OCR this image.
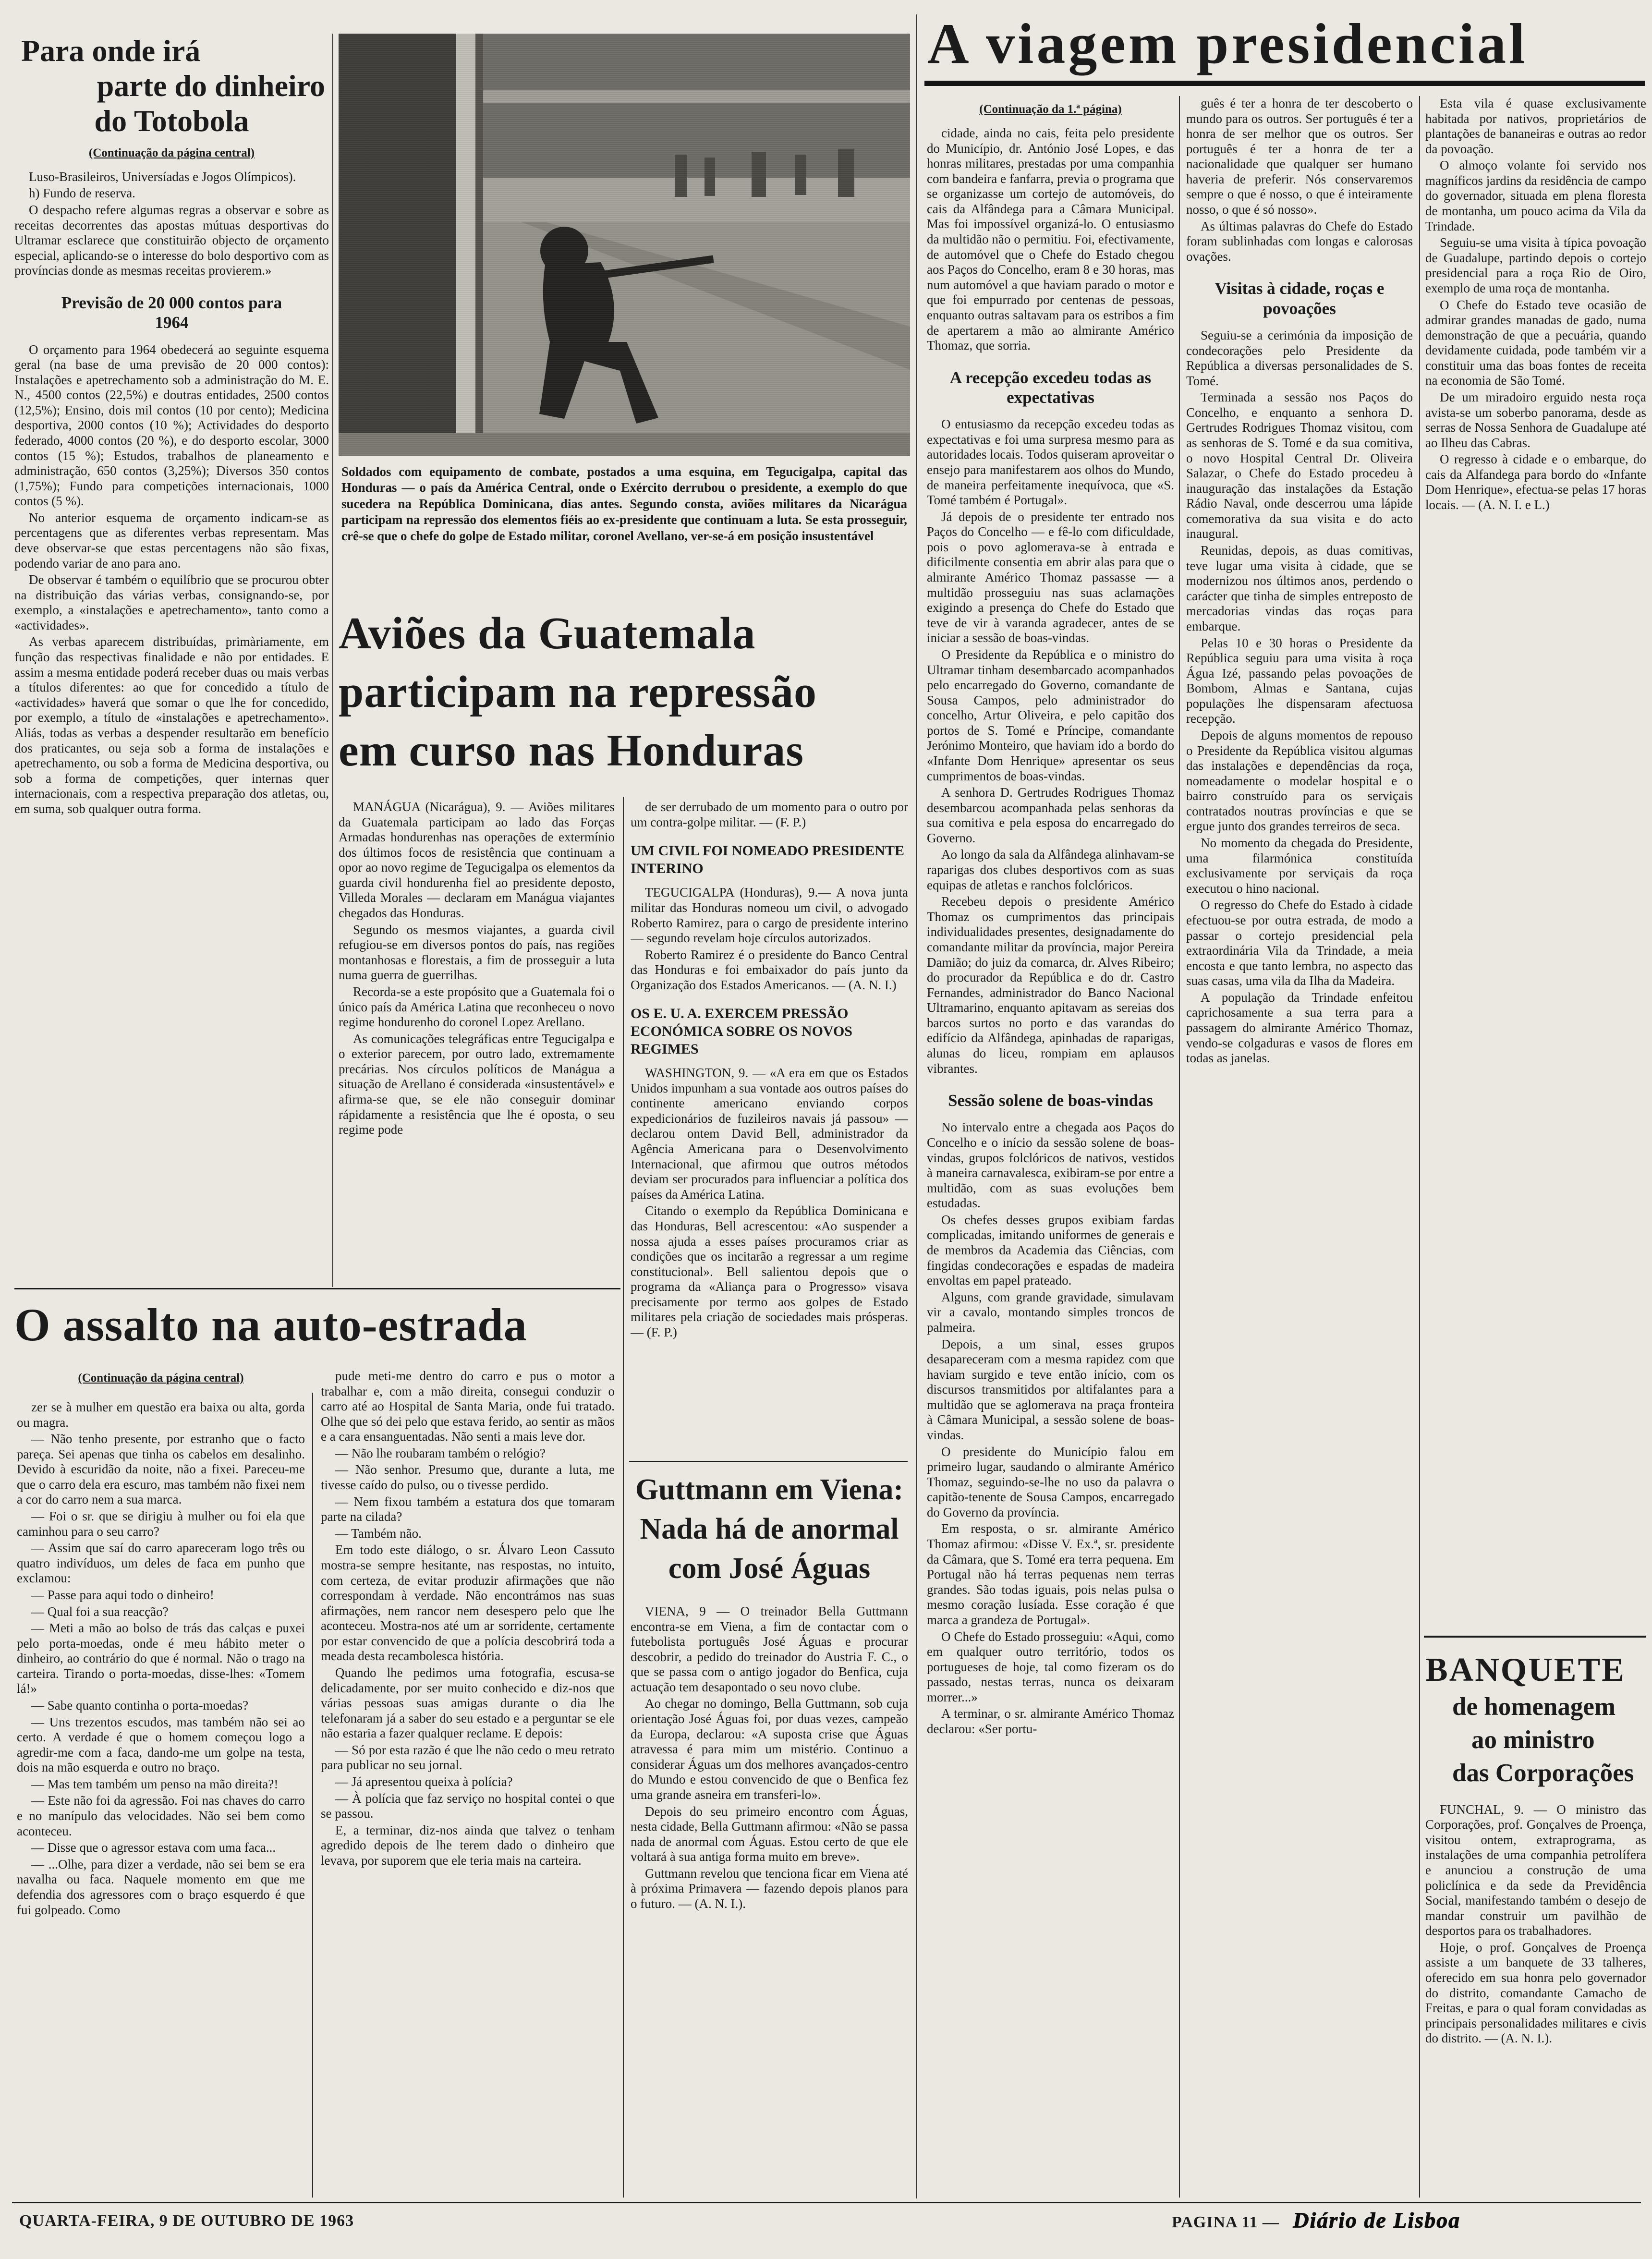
Para onde irá
parte do dinheiro
do Totobola
(Continuação da página central)

Luso-Brasileiros, Universíadas e Jogos Olímpicos).

h) Fundo de reserva.

O despacho refere algumas regras a observar e sobre as receitas decorrentes das apostas mútuas desportivas do Ultramar esclarece que constituirão objecto de orçamento especial, aplicando-se o interesse do bolo desportivo com as províncias donde as mesmas receitas provierem.»

Previsão de 20 000 contos para 1964

O orçamento para 1964 obedecerá ao seguinte esquema geral (na base de uma previsão de 20 000 contos): Instalações e apetrechamento sob a administração do M. E. N., 4500 contos (22,5%) e doutras entidades, 2500 contos (12,5%); Ensino, dois mil contos (10 por cento); Medicina desportiva, 2000 contos (10 %); Actividades do desporto federado, 4000 contos (20 %), e do desporto escolar, 3000 contos (15 %); Estudos, trabalhos de planeamento e administração, 650 contos (3,25%); Diversos 350 contos (1,75%); Fundo para competições internacionais, 1000 contos (5 %).

No anterior esquema de orçamento indicam-se as percentagens que as diferentes verbas representam. Mas deve observar-se que estas percentagens não são fixas, podendo variar de ano para ano.

De observar é também o equilíbrio que se procurou obter na distribuição das várias verbas, consignando-se, por exemplo, a «instalações e apetrechamento», tanto como a «actividades».

As verbas aparecem distribuídas, primàriamente, em função das respectivas finalidade e não por entidades. E assim a mesma entidade poderá receber duas ou mais verbas a títulos diferentes: ao que for concedido a título de «actividades» haverá que somar o que lhe for concedido, por exemplo, a título de «instalações e apetrechamento». Aliás, todas as verbas a despender resultarão em benefício dos praticantes, ou seja sob a forma de instalações e apetrechamento, ou sob a forma de Medicina desportiva, ou sob a forma de competições, quer internas quer internacionais, com a respectiva preparação dos atletas, ou, em suma, sob qualquer outra forma.

Soldados com equipamento de combate, postados a uma esquina, em Tegucigalpa, capital das Honduras — o país da América Central, onde o Exército derrubou o presidente, a exemplo do que sucedera na República Dominicana, dias antes. Segundo consta, aviões militares da Nicarágua participam na repressão dos elementos fiéis ao ex-presidente que continuam a luta. Se esta prosseguir, crê-se que o chefe do golpe de Estado militar, coronel Avellano, ver-se-á em posição insustentável

Aviões da Guatemala
participam na repressão
em curso nas Honduras

MANÁGUA (Nicarágua), 9. — Aviões militares da Guatemala participam ao lado das Forças Armadas hondurenhas nas operações de extermínio dos últimos focos de resistência que continuam a opor ao novo regime de Tegucigalpa os elementos da guarda civil hondurenha fiel ao presidente deposto, Villeda Morales — declaram em Manágua viajantes chegados das Honduras.

Segundo os mesmos viajantes, a guarda civil refugiou-se em diversos pontos do país, nas regiões montanhosas e florestais, a fim de prosseguir a luta numa guerra de guerrilhas.

Recorda-se a este propósito que a Guatemala foi o único país da América Latina que reconheceu o novo regime hondurenho do coronel Lopez Arellano.

As comunicações telegráficas entre Tegucigalpa e o exterior parecem, por outro lado, extremamente precárias. Nos círculos políticos de Manágua a situação de Arellano é considerada «insustentável» e afirma-se que, se ele não conseguir dominar rápidamente a resistência que lhe é oposta, o seu regime pode

de ser derrubado de um momento para o outro por um contra-golpe militar. — (F. P.)

UM CIVIL FOI NOMEADO PRESIDENTE INTERINO

TEGUCIGALPA (Honduras), 9.— A nova junta militar das Honduras nomeou um civil, o advogado Roberto Ramirez, para o cargo de presidente interino — segundo revelam hoje círculos autorizados.

Roberto Ramirez é o presidente do Banco Central das Honduras e foi embaixador do país junto da Organização dos Estados Americanos. — (A. N. I.)

OS E. U. A. EXERCEM PRESSÃO ECONÓMICA SOBRE OS NOVOS REGIMES

WASHINGTON, 9. — «A era em que os Estados Unidos impunham a sua vontade aos outros países do continente americano enviando corpos expedicionários de fuzileiros navais já passou» — declarou ontem David Bell, administrador da Agência Americana para o Desenvolvimento Internacional, que afirmou que outros métodos deviam ser procurados para influenciar a política dos países da América Latina.

Citando o exemplo da República Dominicana e das Honduras, Bell acrescentou: «Ao suspender a nossa ajuda a esses países procuramos criar as condições que os incitarão a regressar a um regime constitucional». Bell salientou depois que o programa da «Aliança para o Progresso» visava precisamente por termo aos golpes de Estado militares pela criação de sociedades mais prósperas. — (F. P.)

O assalto na auto-estrada
(Continuação da página central)

zer se à mulher em questão era baixa ou alta, gorda ou magra.

— Não tenho presente, por estranho que o facto pareça. Sei apenas que tinha os cabelos em desalinho. Devido à escuridão da noite, não a fixei. Pareceu-me que o carro dela era escuro, mas também não fixei nem a cor do carro nem a sua marca.

— Foi o sr. que se dirigiu à mulher ou foi ela que caminhou para o seu carro?

— Assim que saí do carro apareceram logo três ou quatro indivíduos, um deles de faca em punho que exclamou:

— Passe para aqui todo o dinheiro!

— Qual foi a sua reacção?

— Meti a mão ao bolso de trás das calças e puxei pelo porta-moedas, onde é meu hábito meter o dinheiro, ao contrário do que é normal. Não o trago na carteira. Tirando o porta-moedas, disse-lhes: «Tomem lá!»

— Sabe quanto continha o porta-moedas?

— Uns trezentos escudos, mas também não sei ao certo. A verdade é que o homem começou logo a agredir-me com a faca, dando-me um golpe na testa, dois na mão esquerda e outro no braço.

— Mas tem também um penso na mão direita?!

— Este não foi da agressão. Foi nas chaves do carro e no manípulo das velocidades. Não sei bem como aconteceu.

— Disse que o agressor estava com uma faca...

— ...Olhe, para dizer a verdade, não sei bem se era navalha ou faca. Naquele momento em que me defendia dos agressores com o braço esquerdo é que fui golpeado. Como

pude meti-me dentro do carro e pus o motor a trabalhar e, com a mão direita, consegui conduzir o carro até ao Hospital de Santa Maria, onde fui tratado. Olhe que só dei pelo que estava ferido, ao sentir as mãos e a cara ensanguentadas. Não senti a mais leve dor.

— Não lhe roubaram também o relógio?

— Não senhor. Presumo que, durante a luta, me tivesse caído do pulso, ou o tivesse perdido.

— Nem fixou também a estatura dos que tomaram parte na cilada?

— Também não.

Em todo este diálogo, o sr. Álvaro Leon Cassuto mostra-se sempre hesitante, nas respostas, no intuito, com certeza, de evitar produzir afirmações que não correspondam à verdade. Não encontrámos nas suas afirmações, nem rancor nem desespero pelo que lhe aconteceu. Mostra-nos até um ar sorridente, certamente por estar convencido de que a polícia descobrirá toda a meada desta recambolesca história.

Quando lhe pedimos uma fotografia, escusa-se delicadamente, por ser muito conhecido e diz-nos que várias pessoas suas amigas durante o dia lhe telefonaram já a saber do seu estado e a perguntar se ele não estaria a fazer qualquer reclame. E depois:

— Só por esta razão é que lhe não cedo o meu retrato para publicar no seu jornal.

— Já apresentou queixa à polícia?

— À polícia que faz serviço no hospital contei o que se passou.

E, a terminar, diz-nos ainda que talvez o tenham agredido depois de lhe terem dado o dinheiro que levava, por suporem que ele teria mais na carteira.

Guttmann em Viena:
Nada há de anormal
com José Águas

VIENA, 9 — O treinador Bella Guttmann encontra-se em Viena, a fim de contactar com o futebolista português José Águas e procurar descobrir, a pedido do treinador do Austria F. C., o que se passa com o antigo jogador do Benfica, cuja actuação tem desapontado o seu novo clube.

Ao chegar no domingo, Bella Guttmann, sob cuja orientação José Águas foi, por duas vezes, campeão da Europa, declarou: «A suposta crise que Águas atravessa é para mim um mistério. Continuo a considerar Águas um dos melhores avançados-centro do Mundo e estou convencido de que o Benfica fez uma grande asneira em transferi-lo».

Depois do seu primeiro encontro com Águas, nesta cidade, Bella Guttmann afirmou: «Não se passa nada de anormal com Águas. Estou certo de que ele voltará à sua antiga forma muito em breve».

Guttmann revelou que tenciona ficar em Viena até à próxima Primavera — fazendo depois planos para o futuro. — (A. N. I.).

A viagem presidencial
(Continuação da 1.ª página)

cidade, ainda no cais, feita pelo presidente do Município, dr. António José Lopes, e das honras militares, prestadas por uma companhia com bandeira e fanfarra, previa o programa que se organizasse um cortejo de automóveis, do cais da Alfândega para a Câmara Municipal. Mas foi impossível organizá-lo. O entusiasmo da multidão não o permitiu. Foi, efectivamente, de automóvel que o Chefe do Estado chegou aos Paços do Concelho, eram 8 e 30 horas, mas num automóvel a que haviam parado o motor e que foi empurrado por centenas de pessoas, enquanto outras saltavam para os estribos a fim de apertarem a mão ao almirante Américo Thomaz, que sorria.

A recepção excedeu todas as expectativas

O entusiasmo da recepção excedeu todas as expectativas e foi uma surpresa mesmo para as autoridades locais. Todos quiseram aproveitar o ensejo para manifestarem aos olhos do Mundo, de maneira perfeitamente inequívoca, que «S. Tomé também é Portugal».

Já depois de o presidente ter entrado nos Paços do Concelho — e fê-lo com dificuldade, pois o povo aglomerava-se à entrada e dificilmente consentia em abrir alas para que o almirante Américo Thomaz passasse — a multidão prosseguiu nas suas aclamações exigindo a presença do Chefe do Estado que teve de vir à varanda agradecer, antes de se iniciar a sessão de boas-vindas.

O Presidente da República e o ministro do Ultramar tinham desembarcado acompanhados pelo encarregado do Governo, comandante de Sousa Campos, pelo administrador do concelho, Artur Oliveira, e pelo capitão dos portos de S. Tomé e Príncipe, comandante Jerónimo Monteiro, que haviam ido a bordo do «Infante Dom Henrique» apresentar os seus cumprimentos de boas-vindas.

A senhora D. Gertrudes Rodrigues Thomaz desembarcou acompanhada pelas senhoras da sua comitiva e pela esposa do encarregado do Governo.

Ao longo da sala da Alfândega alinhavam-se raparigas dos clubes desportivos com as suas equipas de atletas e ranchos folclóricos.

Recebeu depois o presidente Américo Thomaz os cumprimentos das principais individualidades presentes, designadamente do comandante militar da província, major Pereira Damião; do juiz da comarca, dr. Alves Ribeiro; do procurador da República e do dr. Castro Fernandes, administrador do Banco Nacional Ultramarino, enquanto apitavam as sereias dos barcos surtos no porto e das varandas do edifício da Alfândega, apinhadas de raparigas, alunas do liceu, rompiam em aplausos vibrantes.

Sessão solene de boas-vindas

No intervalo entre a chegada aos Paços do Concelho e o início da sessão solene de boas-vindas, grupos folclóricos de nativos, vestidos à maneira carnavalesca, exibiram-se por entre a multidão, com as suas evoluções bem estudadas.

Os chefes desses grupos exibiam fardas complicadas, imitando uniformes de generais e de membros da Academia das Ciências, com fingidas condecorações e espadas de madeira envoltas em papel prateado.

Alguns, com grande gravidade, simulavam vir a cavalo, montando simples troncos de palmeira.

Depois, a um sinal, esses grupos desapareceram com a mesma rapidez com que haviam surgido e teve então início, com os discursos transmitidos por altifalantes para a multidão que se aglomerava na praça fronteira à Câmara Municipal, a sessão solene de boas-vindas.

O presidente do Município falou em primeiro lugar, saudando o almirante Américo Thomaz, seguindo-se-lhe no uso da palavra o capitão-tenente de Sousa Campos, encarregado do Governo da província.

Em resposta, o sr. almirante Américo Thomaz afirmou: «Disse V. Ex.ª, sr. presidente da Câmara, que S. Tomé era terra pequena. Em Portugal não há terras pequenas nem terras grandes. São todas iguais, pois nelas pulsa o mesmo coração lusíada. Esse coração é que marca a grandeza de Portugal».

O Chefe do Estado prosseguiu: «Aqui, como em qualquer outro território, todos os portugueses de hoje, tal como fizeram os do passado, nestas terras, nunca os deixaram morrer...»

A terminar, o sr. almirante Américo Thomaz declarou: «Ser portu-

guês é ter a honra de ter descoberto o mundo para os outros. Ser português é ter a honra de ser melhor que os outros. Ser português é ter a honra de ter a nacionalidade que qualquer ser humano haveria de preferir. Nós conservaremos sempre o que é nosso, o que é inteiramente nosso, o que é só nosso».

As últimas palavras do Chefe do Estado foram sublinhadas com longas e calorosas ovações.

Visitas à cidade, roças e povoações

Seguiu-se a cerimónia da imposição de condecorações pelo Presidente da República a diversas personalidades de S. Tomé.

Terminada a sessão nos Paços do Concelho, e enquanto a senhora D. Gertrudes Rodrigues Thomaz visitou, com as senhoras de S. Tomé e da sua comitiva, o novo Hospital Central Dr. Oliveira Salazar, o Chefe do Estado procedeu à inauguração das instalações da Estação Rádio Naval, onde descerrou uma lápide comemorativa da sua visita e do acto inaugural.

Reunidas, depois, as duas comitivas, teve lugar uma visita à cidade, que se modernizou nos últimos anos, perdendo o carácter que tinha de simples entreposto de mercadorias vindas das roças para embarque.

Pelas 10 e 30 horas o Presidente da República seguiu para uma visita à roça Água Izé, passando pelas povoações de Bombom, Almas e Santana, cujas populações lhe dispensaram afectuosa recepção.

Depois de alguns momentos de repouso o Presidente da República visitou algumas das instalações e dependências da roça, nomeadamente o modelar hospital e o bairro construído para os serviçais contratados noutras províncias e que se ergue junto dos grandes terreiros de seca.

No momento da chegada do Presidente, uma filarmónica constituída exclusivamente por serviçais da roça executou o hino nacional.

O regresso do Chefe do Estado à cidade efectuou-se por outra estrada, de modo a passar o cortejo presidencial pela extraordinária Vila da Trindade, a meia encosta e que tanto lembra, no aspecto das suas casas, uma vila da Ilha da Madeira.

A população da Trindade enfeitou caprichosamente a sua terra para a passagem do almirante Américo Thomaz, vendo-se colgaduras e vasos de flores em todas as janelas.

Esta vila é quase exclusivamente habitada por nativos, proprietários de plantações de bananeiras e outras ao redor da povoação.

O almoço volante foi servido nos magníficos jardins da residência de campo do governador, situada em plena floresta de montanha, um pouco acima da Vila da Trindade.

Seguiu-se uma visita à típica povoação de Guadalupe, partindo depois o cortejo presidencial para a roça Rio de Oiro, exemplo de uma roça de montanha.

O Chefe do Estado teve ocasião de admirar grandes manadas de gado, numa demonstração de que a pecuária, quando devidamente cuidada, pode também vir a constituir uma das boas fontes de receita na economia de São Tomé.

De um miradoiro erguido nesta roça avista-se um soberbo panorama, desde as serras de Nossa Senhora de Guadalupe até ao Ilheu das Cabras.

O regresso à cidade e o embarque, do cais da Alfandega para bordo do «Infante Dom Henrique», efectua-se pelas 17 horas locais. — (A. N. I. e L.)

BANQUETE
de homenagem
ao ministro
das Corporações

FUNCHAL, 9. — O ministro das Corporações, prof. Gonçalves de Proença, visitou ontem, extraprograma, as instalações de uma companhia petrolífera e anunciou a construção de uma policlínica e da sede da Previdência Social, manifestando também o desejo de mandar construir um pavilhão de desportos para os trabalhadores.

Hoje, o prof. Gonçalves de Proença assiste a um banquete de 33 talheres, oferecido em sua honra pelo governador do distrito, comandante Camacho de Freitas, e para o qual foram convidadas as principais personalidades militares e civis do distrito. — (A. N. I.).

QUARTA-FEIRA, 9 DE OUTUBRO DE 1963	PAGINA 11 — Diário de Lisboa
